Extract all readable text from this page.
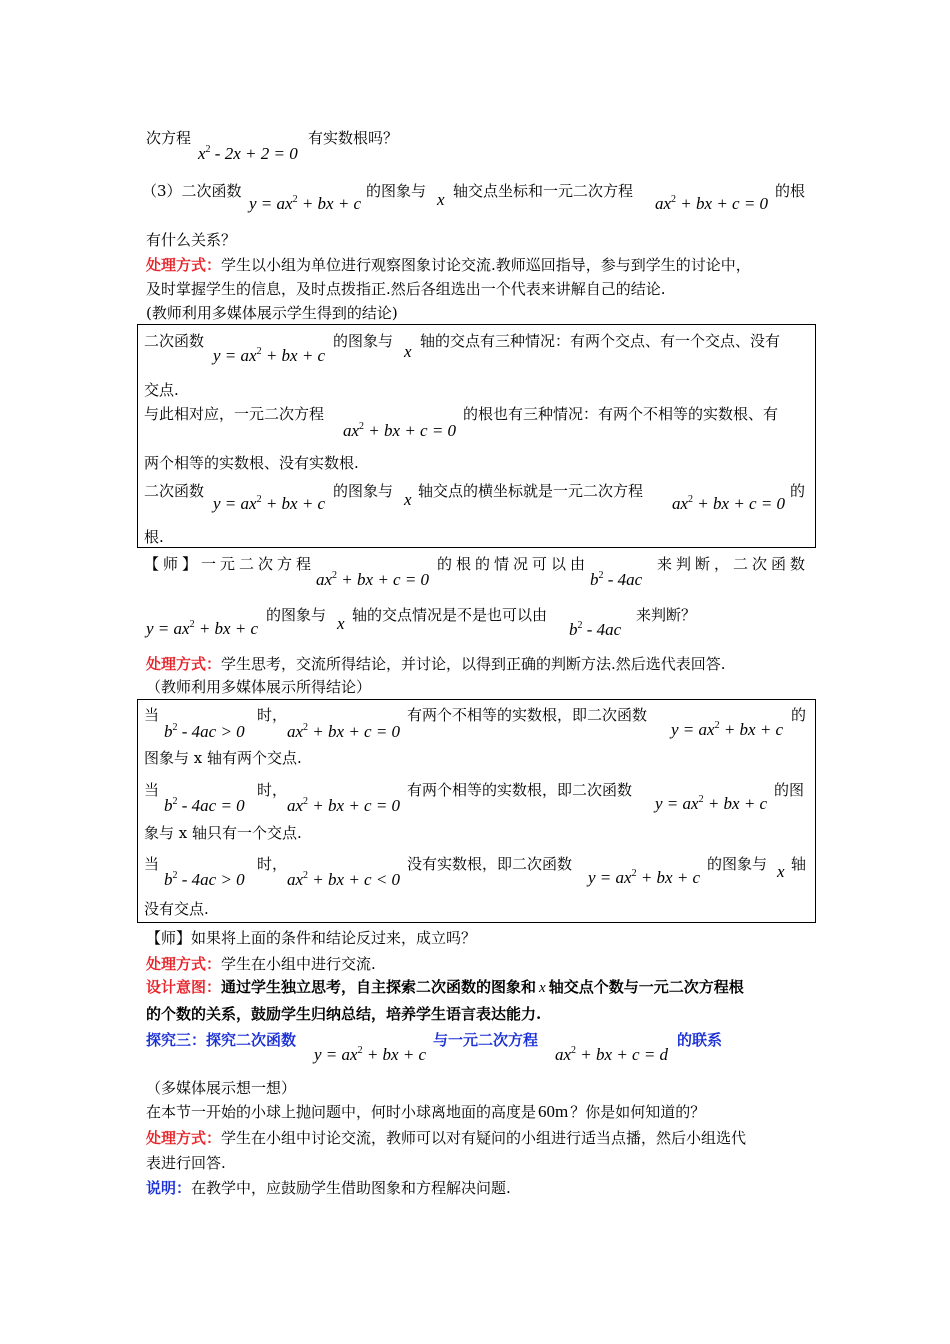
次方程
$x^2 - 2x + 2 = 0$
有实数根吗？
（3）二次函数
$y = ax^2$ + bx + c
的图象与 x 轴交点坐标和一元二次方程
$ax^2$ + bx + c = 0
的根
有什么关系？
处理方式：学生以小组为单位进行观察图象讨论交流.教师巡回指导，参与到学生的讨论中，
及时掌握学生的信息，及时点拨指正.然后各组选出一个代表来讲解自己的结论.
(教师利用多媒体展示学生得到的结论)
二次函数
$y = ax^2$ + bx + c
的图象与
x
轴的交点有三种情况：有两个交点、有一个交点、没有
交点.
与此相对应，一元二次方程
$ax^2$ + bx + c = 0
的根也有三种情况：有两个不相等的实数根、有
两个相等的实数根、没有实数根.
二次函数
$y = ax^2$ + bx + c
的图象与 x 轴交点的横坐标就是一元二次方程
$ax^2$ + bx + c = 0
的
根.
【师】一元二次方程
$ax^2$ + bx + c = 0
的根的情况可以由
$b^2 - 4ac$
来判断，二次函数
$y = ax^2$ + bx + c
的图象与 x 轴的交点情况是不是也可以由
$b^2 - 4ac$
来判断？
处理方式：学生思考，交流所得结论，并讨论，以得到正确的判断方法.然后选代表回答.
（教师利用多媒体展示所得结论）
当
$b^2 - 4ac > 0$
时，
$ax^2$ + bx + c = 0
有两个不相等的实数根，即二次函数
$y = ax^2$ + bx + c
的
图象与 x 轴有两个交点.
当
$b^2 - 4ac = 0$
时，
$ax^2$ + bx + c = 0
有两个相等的实数根，即二次函数
$y = ax^2$ + bx + c
的图
象与 x 轴只有一个交点.
当
$b^2 - 4ac > 0$
时，
$ax^2$ + bx + c < 0
没有实数根，即二次函数
$y = ax^2$ + bx + c
的图象与 x 轴
没有交点.
【师】如果将上面的条件和结论反过来，成立吗？
处理方式：学生在小组中进行交流.
设计意图：通过学生独立思考，自主探索二次函数的图象和 x 轴交点个数与一元二次方程根
的个数的关系，鼓励学生归纳总结，培养学生语言表达能力.
探究三：探究二次函数
$y = ax^2$ + bx + c
与一元二次方程
$ax^2$ + bx + c = d
的联系
（多媒体展示想一想）
在本节一开始的小球上抛问题中，何时小球离地面的高度是 60m ？你是如何知道的？
处理方式：学生在小组中讨论交流，教师可以对有疑问的小组进行适当点播，然后小组选代
表进行回答.
说明：在教学中，应鼓励学生借助图象和方程解决问题.
